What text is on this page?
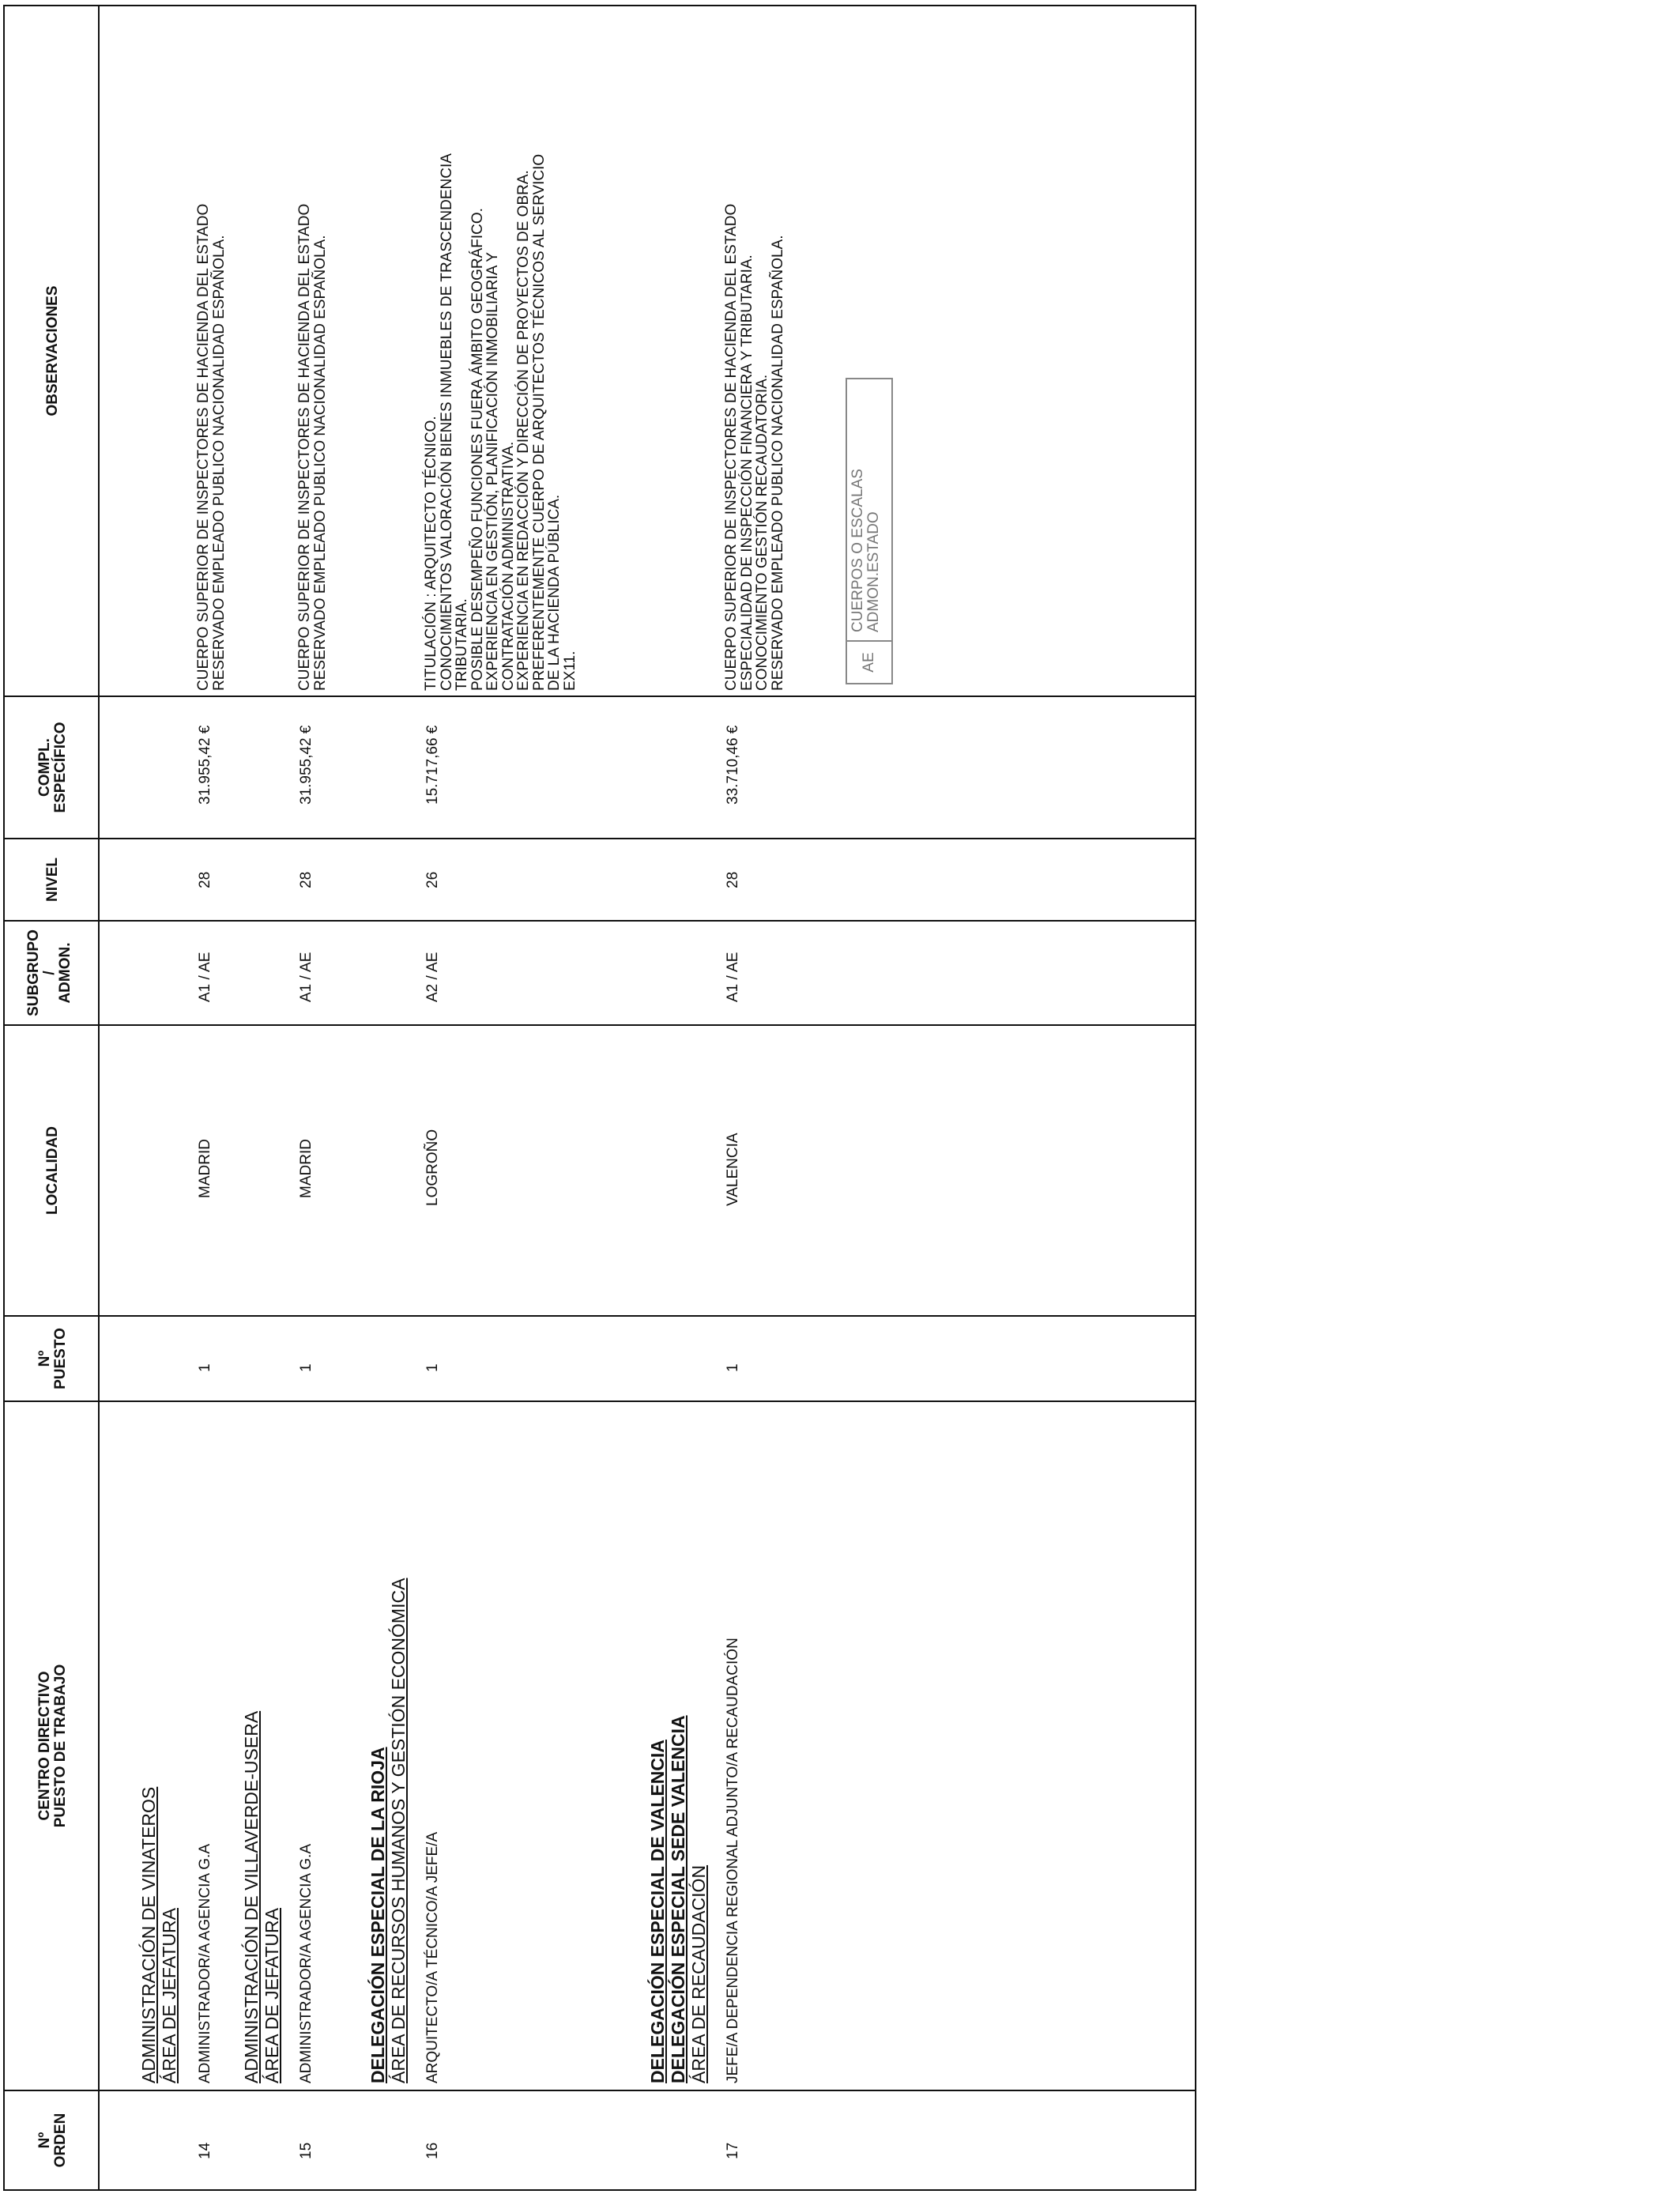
Nº ORDEN
CENTRO DIRECTIVO PUESTO DE TRABAJO
Nº PUESTO
LOCALIDAD
SUBGRUPO / ADMON.
NIVEL
COMPL. ESPECÍFICO
OBSERVACIONES
ADMINISTRACIÓN DE VINATEROS ÁREA DE JEFATURA
14
ADMINISTRADOR/A AGENCIA G.A
1
MADRID
A1 / AE
28
31.955,42 €
CUERPO SUPERIOR DE INSPECTORES DE HACIENDA DEL ESTADO
RESERVADO EMPLEADO PUBLICO NACIONALIDAD ESPAÑOLA.
ADMINISTRACIÓN DE VILLAVERDE-USERA ÁREA DE JEFATURA
15
ADMINISTRADOR/A AGENCIA G.A
1
MADRID
A1 / AE
28
31.955,42 €
CUERPO SUPERIOR DE INSPECTORES DE HACIENDA DEL ESTADO
RESERVADO EMPLEADO PUBLICO NACIONALIDAD ESPAÑOLA.
DELEGACIÓN ESPECIAL DE LA RIOJA ÁREA DE RECURSOS HUMANOS Y GESTIÓN ECONÓMICA
16
ARQUITECTO/A TÉCNICO/A JEFE/A
1
LOGROÑO
A2 / AE
26
15.717,66 €
TITULACIÓN : ARQUITECTO TÉCNICO.
CONOCIMIENTOS VALORACIÓN BIENES INMUEBLES DE TRASCENDENCIA
TRIBUTARIA.
POSIBLE DESEMPEÑO FUNCIONES FUERA ÁMBITO GEOGRÁFICO.
EXPERIENCIA EN GESTIÓN, PLANIFICACIÓN INMOBILIARIA Y
CONTRATACIÓN ADMINISTRATIVA.
EXPERIENCIA EN REDACCIÓN Y DIRECCIÓN DE PROYECTOS DE OBRA.
PREFERENTEMENTE CUERPO DE ARQUITECTOS TÉCNICOS AL SERVICIO
DE LA HACIENDA PÚBLICA.
EX11.
DELEGACIÓN ESPECIAL DE VALENCIA DELEGACIÓN ESPECIAL SEDE VALENCIA ÁREA DE RECAUDACIÓN
17
JEFE/A DEPENDENCIA REGIONAL ADJUNTO/A RECAUDACIÓN
1
VALENCIA
A1 / AE
28
33.710,46 €
CUERPO SUPERIOR DE INSPECTORES DE HACIENDA DEL ESTADO
ESPECIALIDAD DE INSPECCIÓN FINANCIERA Y TRIBUTARIA.
CONOCIMIENTO GESTIÓN RECAUDATORIA.
RESERVADO EMPLEADO PUBLICO NACIONALIDAD ESPAÑOLA.	AE
CUERPOS O ESCALAS ADMON.ESTADO
